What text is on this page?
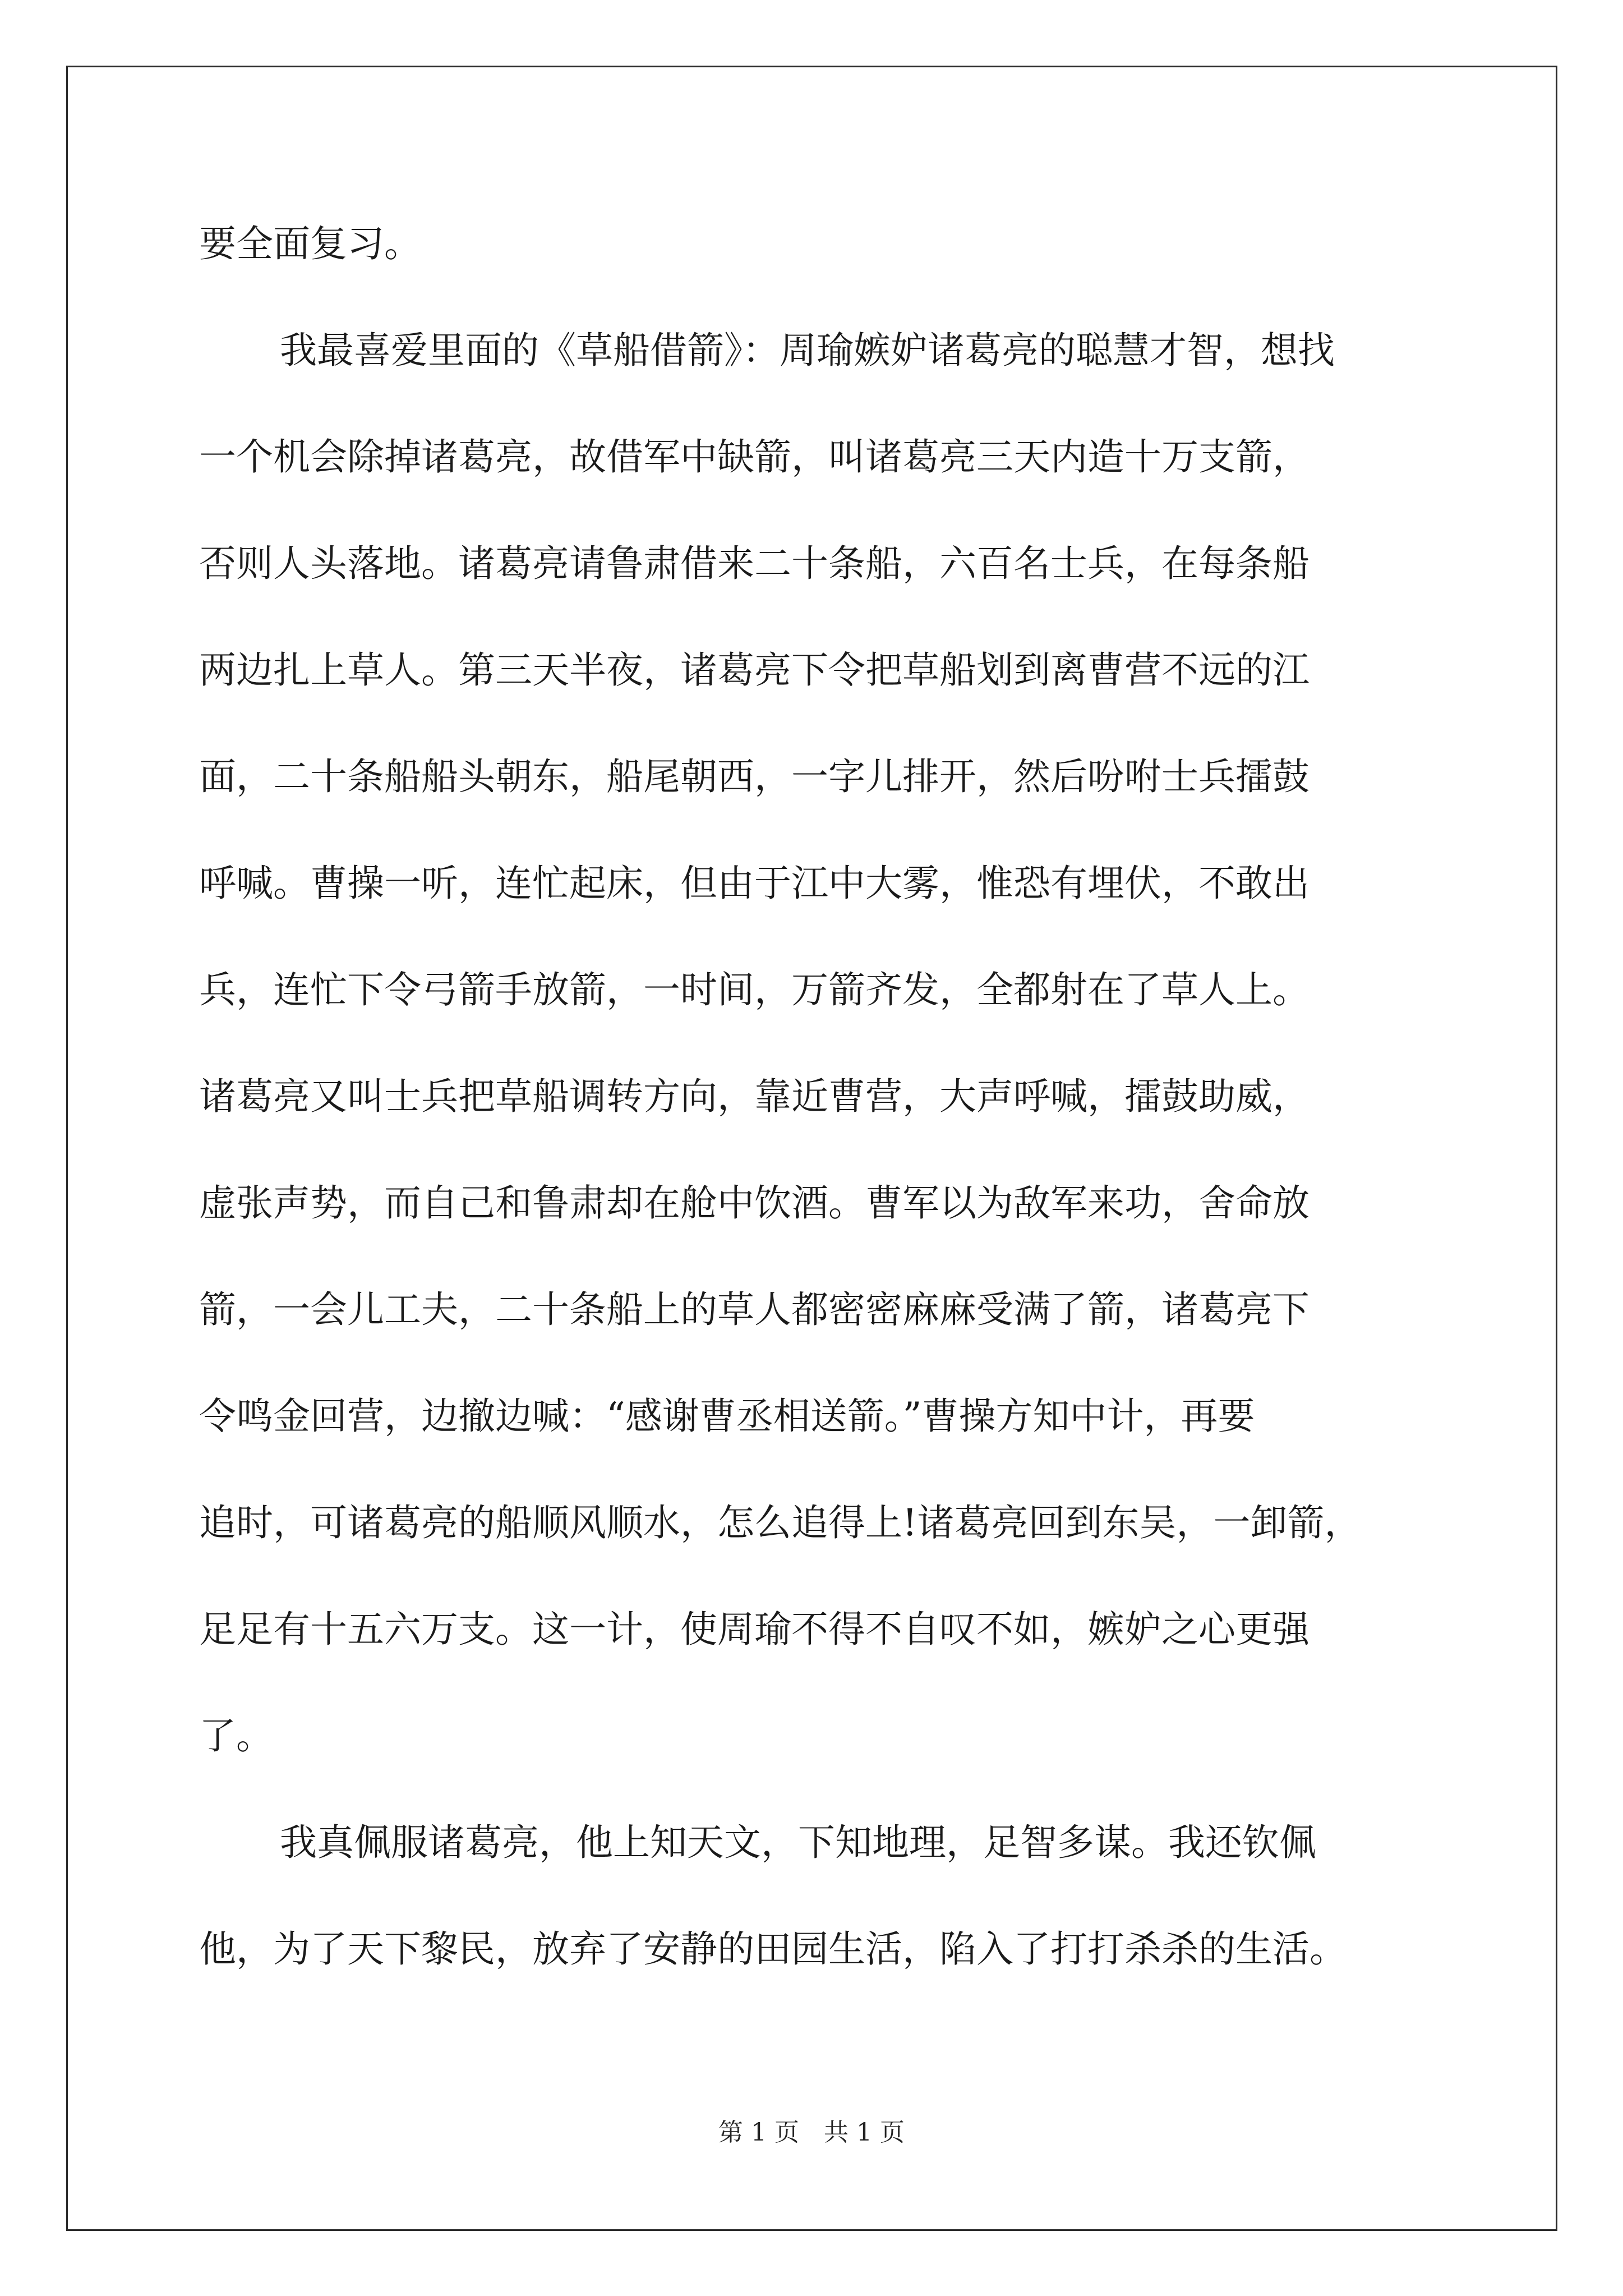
要全面复习。
我最喜爱里面的《草船借箭》：周瑜嫉妒诸葛亮的聪慧才智，想找
一个机会除掉诸葛亮，故借军中缺箭，叫诸葛亮三天内造十万支箭，
否则人头落地。诸葛亮请鲁肃借来二十条船，六百名士兵，在每条船
两边扎上草人。第三天半夜，诸葛亮下令把草船划到离曹营不远的江
面，二十条船船头朝东，船尾朝西，一字儿排开，然后吩咐士兵擂鼓
呼喊。曹操一听，连忙起床，但由于江中大雾，惟恐有埋伏，不敢出
兵，连忙下令弓箭手放箭，一时间，万箭齐发，全都射在了草人上。
诸葛亮又叫士兵把草船调转方向，靠近曹营，大声呼喊，擂鼓助威，
虚张声势，而自己和鲁肃却在舱中饮酒。曹军以为敌军来功，舍命放
箭，一会儿工夫，二十条船上的草人都密密麻麻受满了箭，诸葛亮下
令鸣金回营，边撤边喊：“感谢曹丞相送箭。”曹操方知中计，再要
追时，可诸葛亮的船顺风顺水，怎么追得上!诸葛亮回到东吴，一卸箭，
足足有十五六万支。这一计，使周瑜不得不自叹不如，嫉妒之心更强
了。
我真佩服诸葛亮，他上知天文，下知地理，足智多谋。我还钦佩
他，为了天下黎民，放弃了安静的田园生活，陷入了打打杀杀的生活。
第 1 页　共 1 页
